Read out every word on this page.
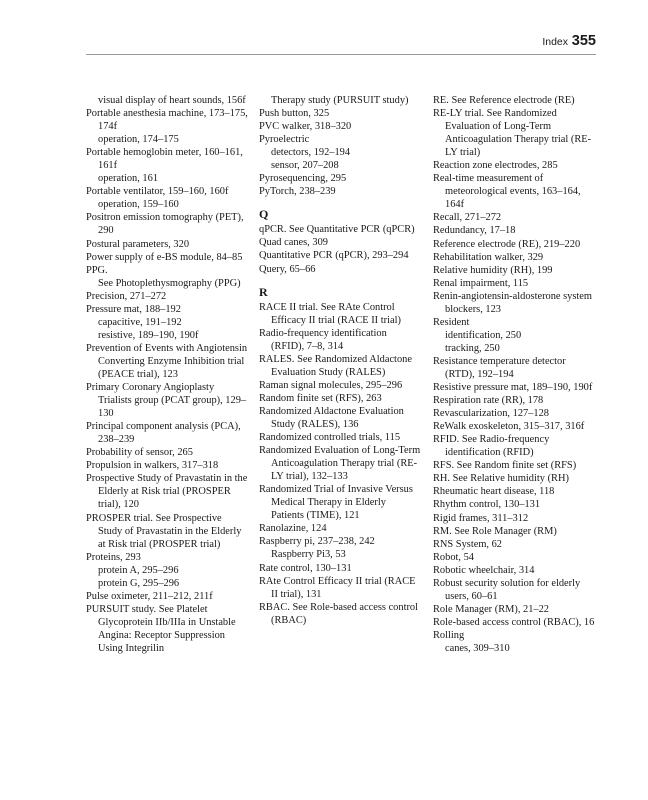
Index 355
visual display of heart sounds, 156f
Portable anesthesia machine, 173–175, 174f
operation, 174–175
Portable hemoglobin meter, 160–161, 161f
operation, 161
Portable ventilator, 159–160, 160f
operation, 159–160
Positron emission tomography (PET), 290
Postural parameters, 320
Power supply of e-BS module, 84–85
PPG.
See Photoplethysmography (PPG)
Precision, 271–272
Pressure mat, 188–192
capacitive, 191–192
resistive, 189–190, 190f
Prevention of Events with Angiotensin Converting Enzyme Inhibition trial (PEACE trial), 123
Primary Coronary Angioplasty Trialists group (PCAT group), 129–130
Principal component analysis (PCA), 238–239
Probability of sensor, 265
Propulsion in walkers, 317–318
Prospective Study of Pravastatin in the Elderly at Risk trial (PROSPER trial), 120
PROSPER trial. See Prospective Study of Pravastatin in the Elderly at Risk trial (PROSPER trial)
Proteins, 293
protein A, 295–296
protein G, 295–296
Pulse oximeter, 211–212, 211f
PURSUIT study. See Platelet Glycoprotein IIb/IIIa in Unstable Angina: Receptor Suppression Using Integrilin
Therapy study (PURSUIT study)
Push button, 325
PVC walker, 318–320
Pyroelectric
detectors, 192–194
sensor, 207–208
Pyrosequencing, 295
PyTorch, 238–239
Q
qPCR. See Quantitative PCR (qPCR)
Quad canes, 309
Quantitative PCR (qPCR), 293–294
Query, 65–66
R
RACE II trial. See RAte Control Efficacy II trial (RACE II trial)
Radio-frequency identification (RFID), 7–8, 314
RALES. See Randomized Aldactone Evaluation Study (RALES)
Raman signal molecules, 295–296
Random finite set (RFS), 263
Randomized Aldactone Evaluation Study (RALES), 136
Randomized controlled trials, 115
Randomized Evaluation of Long-Term Anticoagulation Therapy trial (RE-LY trial), 132–133
Randomized Trial of Invasive Versus Medical Therapy in Elderly Patients (TIME), 121
Ranolazine, 124
Raspberry pi, 237–238, 242
Raspberry Pi3, 53
Rate control, 130–131
RAte Control Efficacy II trial (RACE II trial), 131
RBAC. See Role-based access control (RBAC)
RE. See Reference electrode (RE)
RE-LY trial. See Randomized Evaluation of Long-Term Anticoagulation Therapy trial (RE-LY trial)
Reaction zone electrodes, 285
Real-time measurement of meteorological events, 163–164, 164f
Recall, 271–272
Redundancy, 17–18
Reference electrode (RE), 219–220
Rehabilitation walker, 329
Relative humidity (RH), 199
Renal impairment, 115
Renin-angiotensin-aldosterone system blockers, 123
Resident
identification, 250
tracking, 250
Resistance temperature detector (RTD), 192–194
Resistive pressure mat, 189–190, 190f
Respiration rate (RR), 178
Revascularization, 127–128
ReWalk exoskeleton, 315–317, 316f
RFID. See Radio-frequency identification (RFID)
RFS. See Random finite set (RFS)
RH. See Relative humidity (RH)
Rheumatic heart disease, 118
Rhythm control, 130–131
Rigid frames, 311–312
RM. See Role Manager (RM)
RNS System, 62
Robot, 54
Robotic wheelchair, 314
Robust security solution for elderly users, 60–61
Role Manager (RM), 21–22
Role-based access control (RBAC), 16
Rolling
canes, 309–310
